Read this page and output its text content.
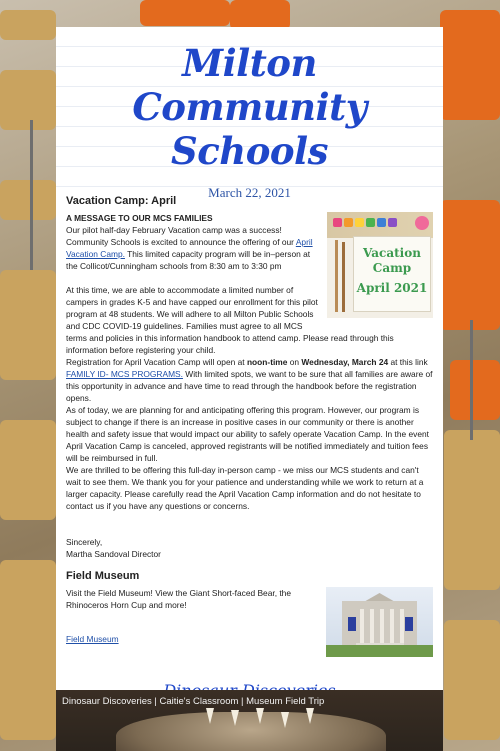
Milton Community
Schools
March 22, 2021
Vacation Camp: April
Vacation
Camp
April 2021

A MESSAGE TO OUR MCS FAMILIES

Our pilot half-day February Vacation camp was a success!

Community Schools is excited to announce the offering of our April Vacation Camp. This limited capacity program will be in–person at the Collicot/Cunningham schools from 8:30 am to 3:30 pm

At this time, we are able to accommodate a limited number of campers in grades K-5 and have capped our enrollment for this pilot program at 48 students. We will adhere to all Milton Public Schools and CDC COVID-19 guidelines. Families must agree to all MCS terms and policies in this information handbook to attend camp. Please read through this information before registering your child.

Registration for April Vacation Camp will open at noon-time on Wednesday, March 24 at this link FAMILY ID- MCS PROGRAMS. With limited spots, we want to be sure that all families are aware of this opportunity in advance and have time to read through the handbook before the registration opens.

As of today, we are planning for and anticipating offering this program. However, our program is subject to change if there is an increase in positive cases in our community or there is another health and safety issue that would impact our ability to safely operate Vacation Camp. In the event April Vacation Camp is canceled, approved registrants will be notified immediately and tuition fees will be reimbursed in full.

We are thrilled to be offering this full-day in-person camp - we miss our MCS students and can't wait to see them. We thank you for your patience and understanding while we work to return at a larger capacity. Please carefully read the April Vacation Camp information and do not hesitate to contact us if you have any questions or concerns.

Sincerely,

Martha Sandoval Director

Field Museum

Visit the Field Museum! View the Giant Short-faced Bear, the Rhinoceros Horn Cup and more!

Field Museum

Dinosaur Discoveries | Caitie's Classroom | Museum Field Trip
